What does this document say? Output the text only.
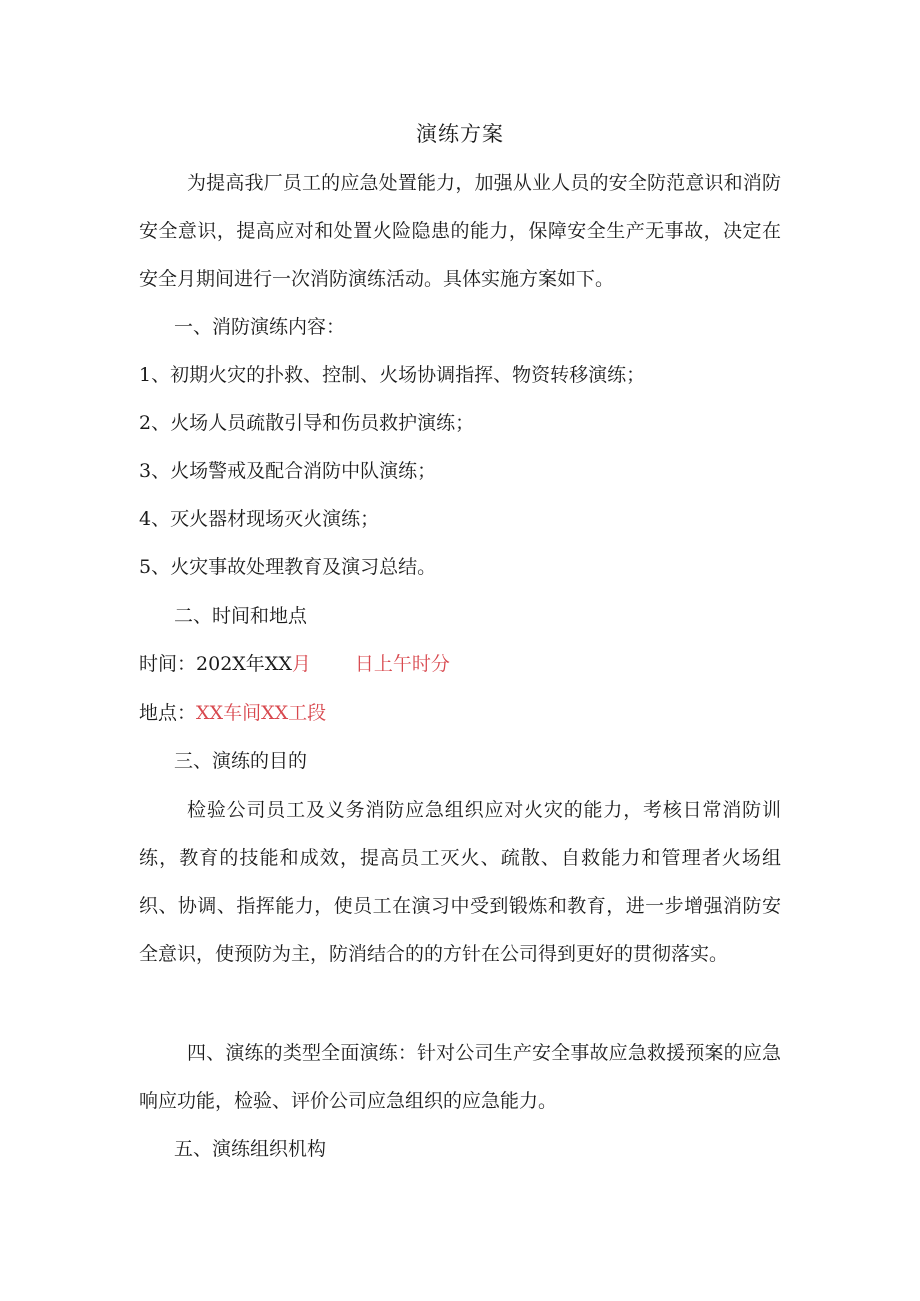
演练方案
为提高我厂员工的应急处置能力，加强从业人员的安全防范意识和消防安全意识，提高应对和处置火险隐患的能力，保障安全生产无事故，决定在安全月期间进行一次消防演练活动。具体实施方案如下。
一、消防演练内容：
1、初期火灾的扑救、控制、火场协调指挥、物资转移演练；
2、火场人员疏散引导和伤员救护演练；
3、火场警戒及配合消防中队演练；
4、灭火器材现场灭火演练；
5、火灾事故处理教育及演习总结。
二、时间和地点
时间：202X年XX月 日上午时分
地点：XX车间XX工段
三、演练的目的
检验公司员工及义务消防应急组织应对火灾的能力，考核日常消防训练，教育的技能和成效，提高员工灭火、疏散、自救能力和管理者火场组织、协调、指挥能力，使员工在演习中受到锻炼和教育，进一步增强消防安全意识，使预防为主，防消结合的的方针在公司得到更好的贯彻落实。
四、演练的类型全面演练：针对公司生产安全事故应急救援预案的应急响应功能，检验、评价公司应急组织的应急能力。
五、演练组织机构
